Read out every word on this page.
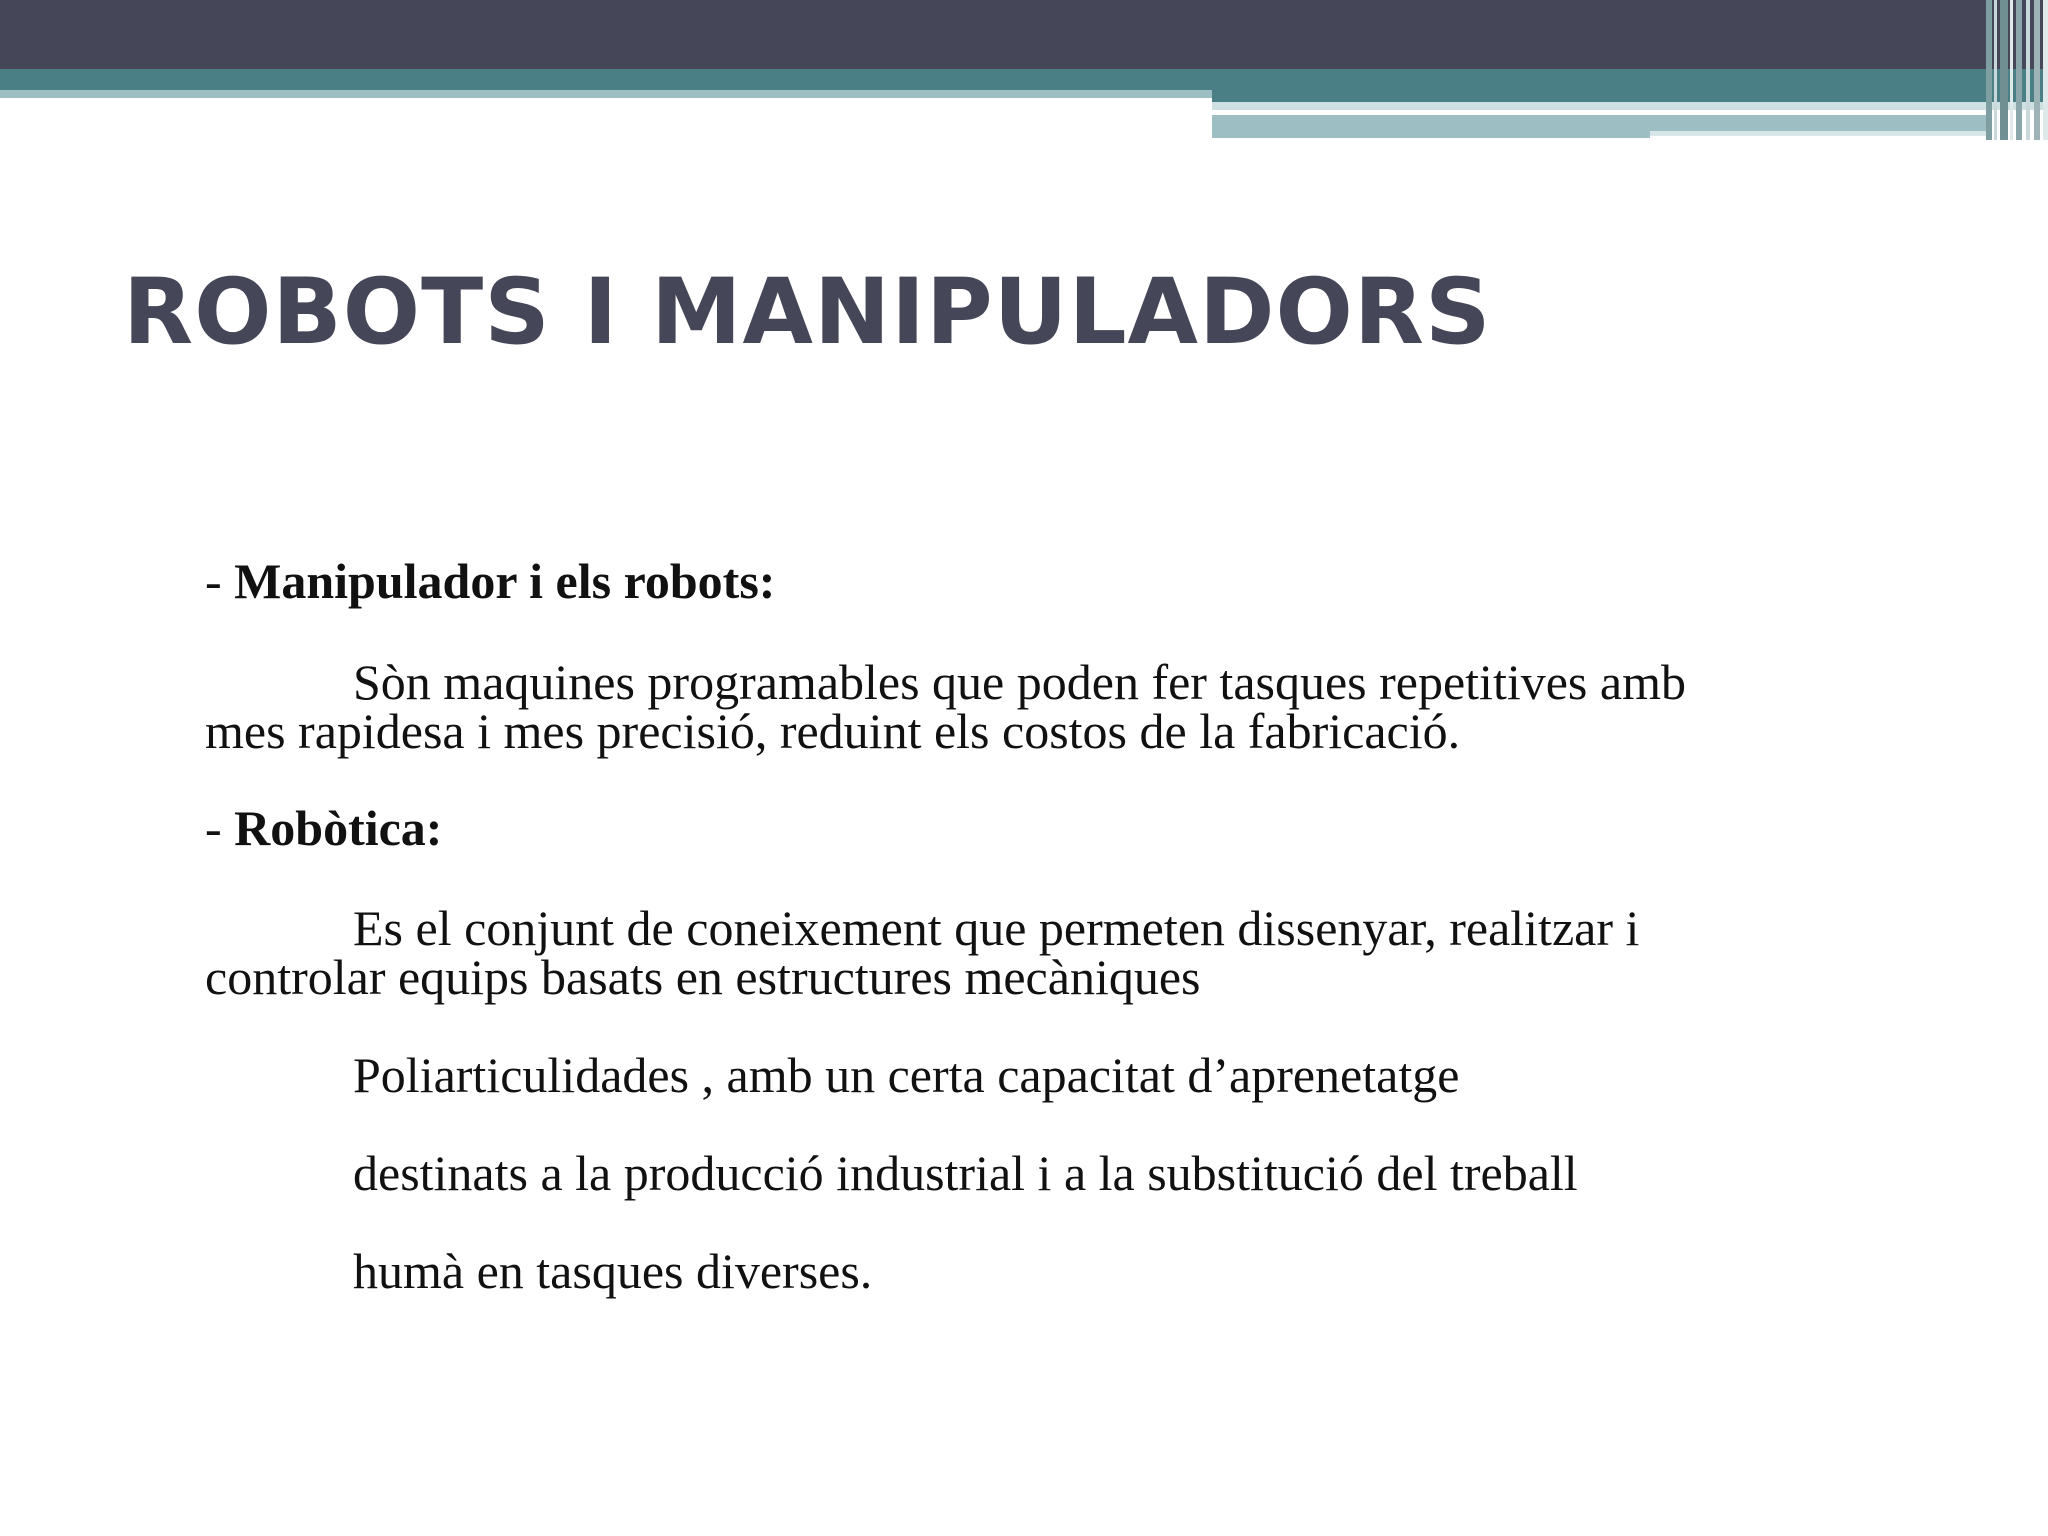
ROBOTS I MANIPULADORS

- Manipulador i els robots:

Sòn maquines programables que poden fer tasques repetitives amb

mes rapidesa i mes precisió, reduint els costos de la fabricació.

- Robòtica:

Es el conjunt de coneixement que permeten dissenyar, realitzar i

controlar equips basats en estructures mecàniques

Poliarticulidades , amb un certa capacitat d’aprenetatge

destinats a la producció industrial i a la substitució del treball

humà en tasques diverses.
